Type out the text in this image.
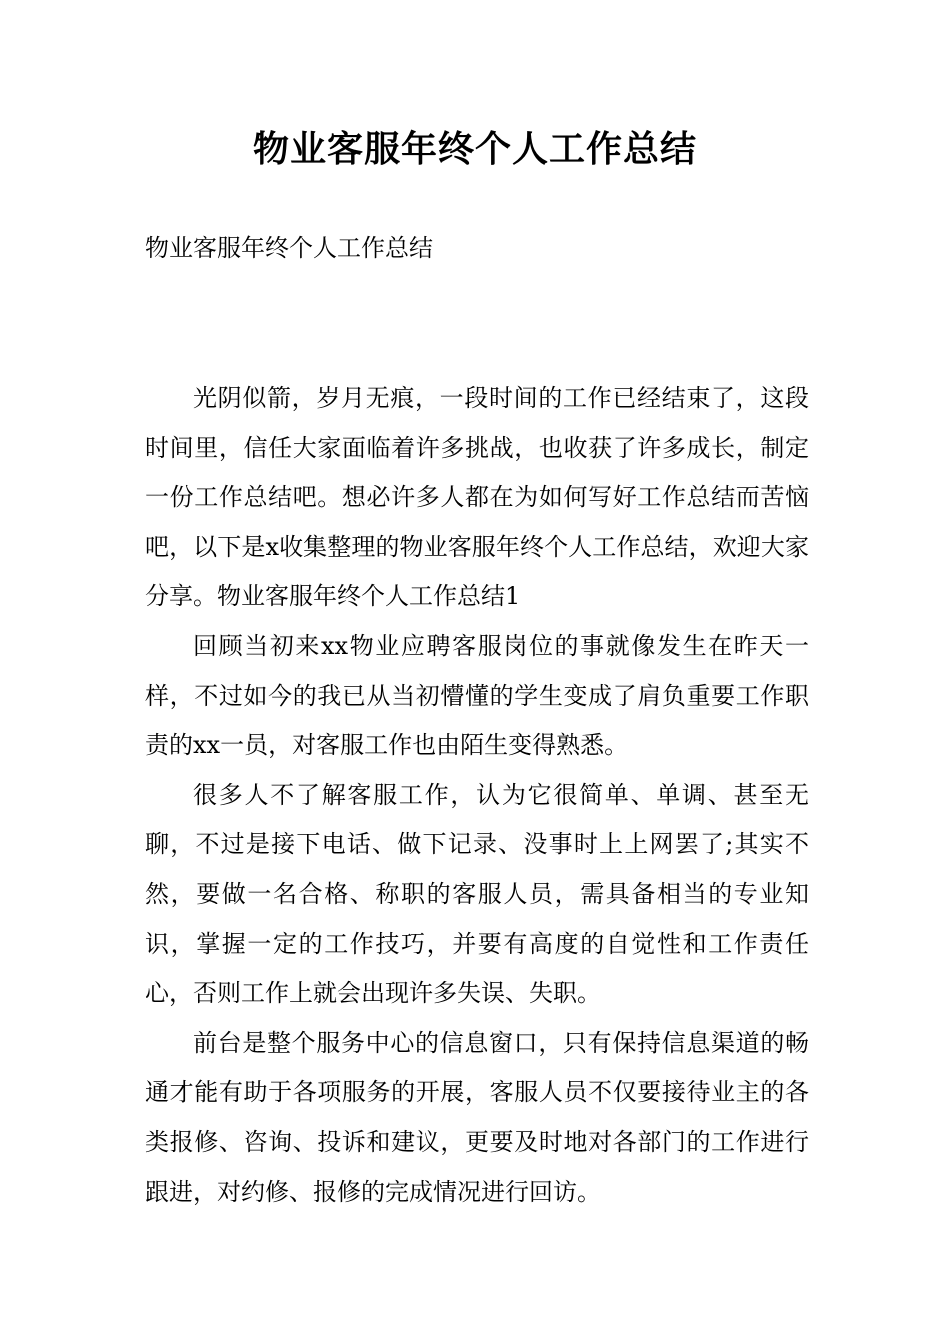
物业客服年终个人工作总结

物业客服年终个人工作总结

光阴似箭，岁月无痕，一段时间的工作已经结束了，这段时间里，信任大家面临着许多挑战，也收获了许多成长，制定一份工作总结吧。想必许多人都在为如何写好工作总结而苦恼吧，以下是x收集整理的物业客服年终个人工作总结，欢迎大家分享。物业客服年终个人工作总结1

回顾当初来xx物业应聘客服岗位的事就像发生在昨天一样，不过如今的我已从当初懵懂的学生变成了肩负重要工作职责的xx一员，对客服工作也由陌生变得熟悉。

很多人不了解客服工作，认为它很简单、单调、甚至无聊，不过是接下电话、做下记录、没事时上上网罢了;其实不然，要做一名合格、称职的客服人员，需具备相当的专业知识，掌握一定的工作技巧，并要有高度的自觉性和工作责任心，否则工作上就会出现许多失误、失职。

前台是整个服务中心的信息窗口，只有保持信息渠道的畅通才能有助于各项服务的开展，客服人员不仅要接待业主的各类报修、咨询、投诉和建议，更要及时地对各部门的工作进行跟进，对约修、报修的完成情况进行回访。
